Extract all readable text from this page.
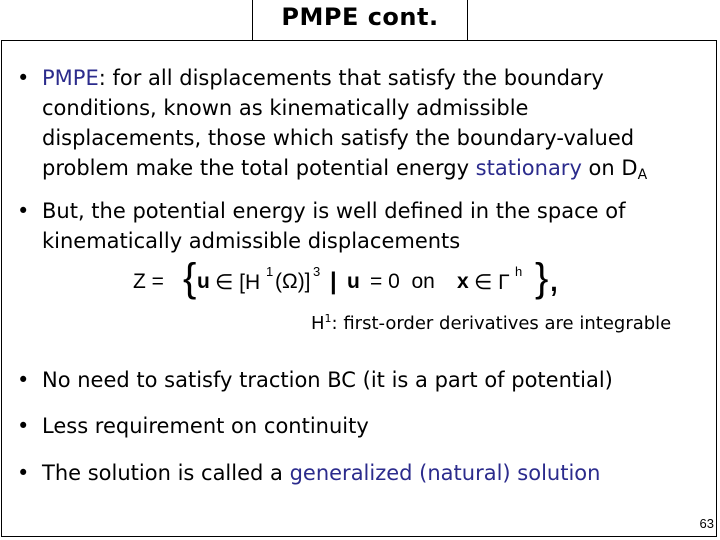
PMPE cont.
• PMPE: for all displacements that satisfy the boundary
conditions, known as kinematically admissible
displacements, those which satisfy the boundary-valued
problem make the total potential energy stationary on $D_A$
• But, the potential energy is well defined in the space of
kinematically admissible displacements
Z = { u ∈ [H 1 (Ω)] 3 | u = 0  on x ∈ Γ h },
$H^1$: first-order derivatives are integrable
• No need to satisfy traction BC (it is a part of potential)
• Less requirement on continuity
• The solution is called a generalized (natural) solution
63
